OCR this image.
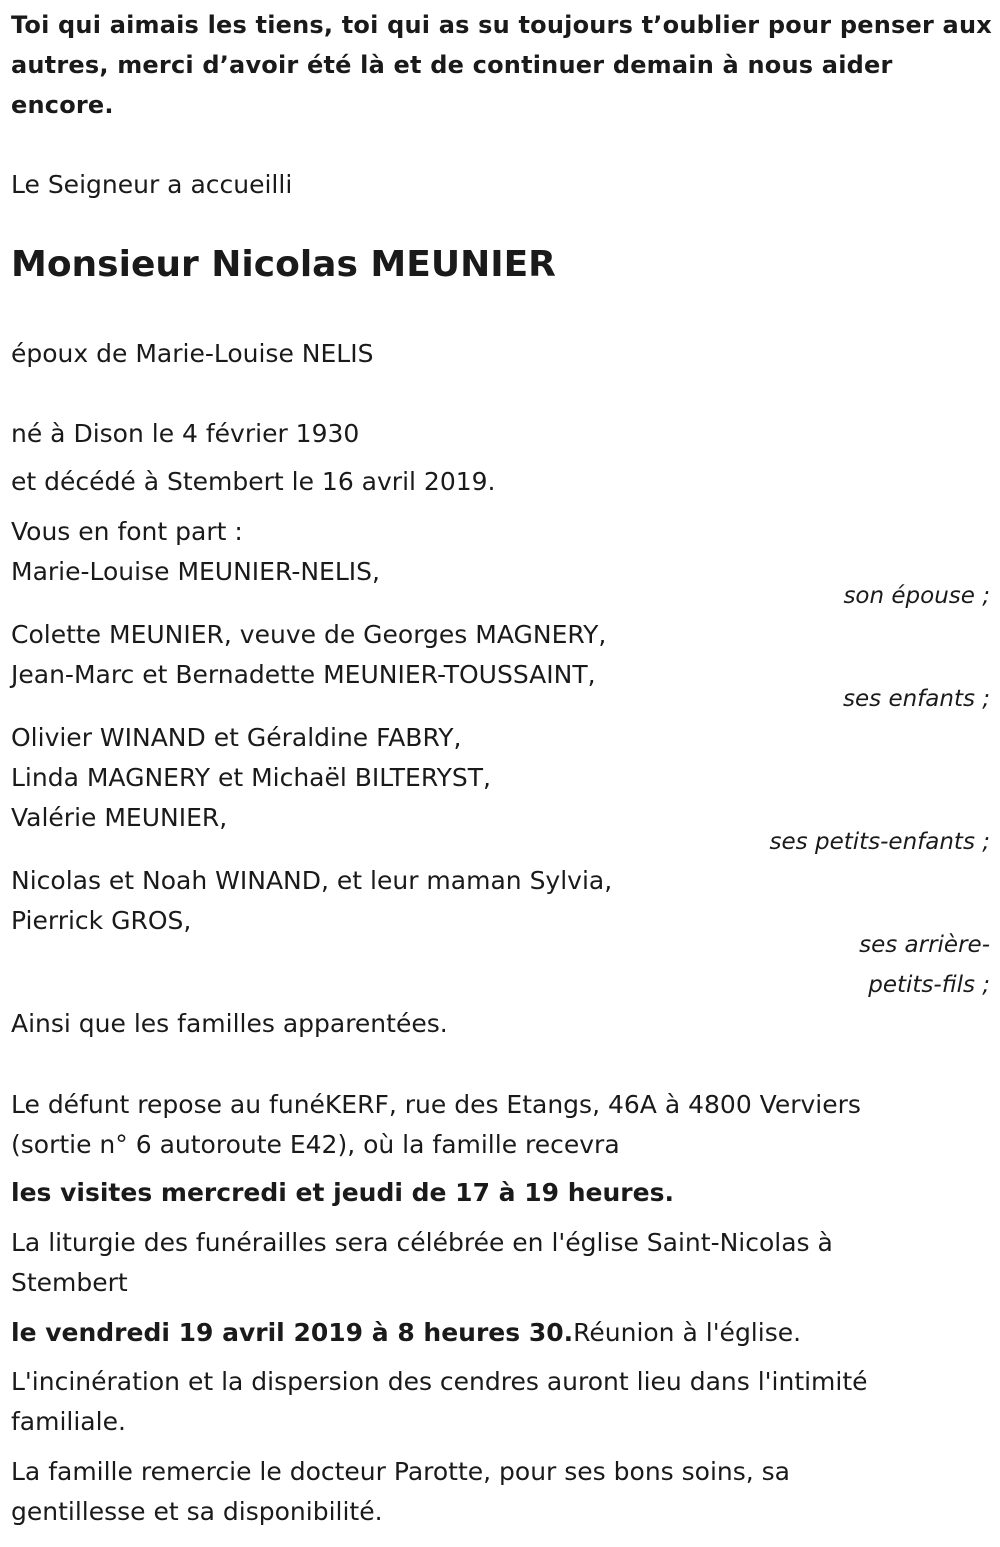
Toi qui aimais les tiens, toi qui as su toujours t’oublier pour penser aux
autres, merci d’avoir été là et de continuer demain à nous aider
encore.
Le Seigneur a accueilli
Monsieur Nicolas MEUNIER
époux de Marie-Louise NELIS
né à Dison le 4 février 1930
et décédé à Stembert le 16 avril 2019.
Vous en font part :
Marie-Louise MEUNIER-NELIS,
son épouse ;
Colette MEUNIER, veuve de Georges MAGNERY,
Jean-Marc et Bernadette MEUNIER-TOUSSAINT,
ses enfants ;
Olivier WINAND et Géraldine FABRY,
Linda MAGNERY et Michaël BILTERYST,
Valérie MEUNIER,
ses petits-enfants ;
Nicolas et Noah WINAND, et leur maman Sylvia,
Pierrick GROS,
ses arrière-
petits-fils ;
Ainsi que les familles apparentées.
Le défunt repose au funéKERF, rue des Etangs, 46A à 4800 Verviers
(sortie n° 6 autoroute E42), où la famille recevra
les visites mercredi et jeudi de 17 à 19 heures.
La liturgie des funérailles sera célébrée en l'église Saint-Nicolas à
Stembert
le vendredi 19 avril 2019 à 8 heures 30.Réunion à l'église.
L'incinération et la dispersion des cendres auront lieu dans l'intimité
familiale.
La famille remercie le docteur Parotte, pour ses bons soins, sa
gentillesse et sa disponibilité.
